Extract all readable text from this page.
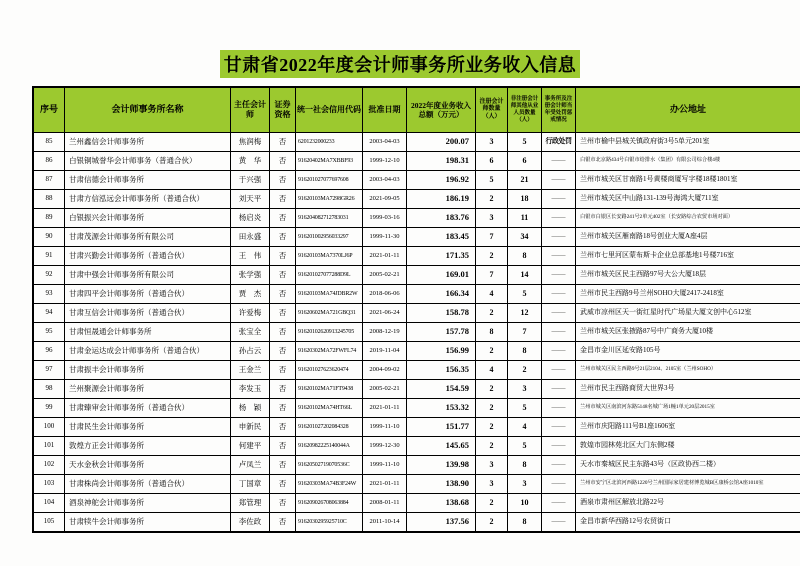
甘肃省2022年度会计师事务所业务收入信息
序号	会计师事务所名称	主任会计师	证券资格	统一社会信用代码	批准日期	2022年度业务收入总额（万元）	注册会计师数量（人）	非注册会计师其他从业人员数量（人）	事务所及注册会计师当年受处罚惩戒情况	办公地址
85	兰州鑫信会计师事务所	焦润梅	否	6201232000233	2003-04-03	200.07	3	5	行政处罚	兰州市榆中县城关镇政府街3号5单元201室
86	白银铜城誉华会计师事务（普通合伙）	黄　华	否	91620402MA7XBBF93	1999-12-10	198.31	6	6	——	白银市北京路434号白银市给排水（集团）有限公司综合楼4楼
87	甘肃信德会计师事务所	于兴强	否	916201027077697608	2003-04-03	196.92	5	21	——	兰州市城关区甘南路1号黄楼商厦写字楼18楼1801室
88	甘肃方信泓远会计师事务所（普通合伙）	刘天平	否	91620103MA7298GR26	2021-09-05	186.19	2	18	——	兰州市城关区中山路131-139号海鸿大厦711室
89	白银振兴会计师事务所	杨启炎	否	916204082712783031	1999-03-16	183.76	3	11	——	白银市白银区长安路241号2单元402室（长安路综合农贸市场对面）
90	甘肃茂源会计师事务所有限公司	田永盛	否	916201002956033297	1999-11-30	183.45	7	34	——	兰州市城关区雁南路18号创业大厦A座4层
91	甘肃兴勤会计师事务所（普通合伙）	王　伟	否	91620103MA7370LJ6P	2021-01-11	171.35	2	8	——	兰州市七里河区蒙布斯卡企业总部基地1号楼716室
92	甘肃中强会计师事务所有限公司	张学强	否	916201027077288D9L	2005-02-21	169.01	7	14	——	兰州市城关区民主西路97号大公大厦18层
93	甘肃四平会计师事务所（普通合伙）	贾　杰	否	91620103MA74JDBR2W	2018-06-06	166.34	4	5	——	兰州市民主西路9号兰州SOHO大厦2417-2418室
94	甘肃互信会计师事务所（普通合伙）	许爱梅	否	91620602MA721GBQ31	2021-06-24	158.78	2	12	——	武威市凉州区天一街红星时代广场星大厦文创中心512室
95	甘肃恒晟通会计师事务所	张宝全	否	91620102620913245705	2008-12-19	157.78	8	7	——	兰州市城关区张掖路87号中广商务大厦10楼
96	甘肃金运达成会计师事务所（普通合伙）	孙占云	否	91620302MA72FWFL74	2019-11-04	156.99	2	8	——	金昌市金川区延安路105号
97	甘肃振丰会计师事务所	王金兰	否	916201027623620474	2004-09-02	156.35	4	2	——	兰州市城关区民主西路9号21层2104、2105室（兰州SOHO）
98	兰州聚源会计师事务所	李发玉	否	91620102MA71FT9438	2005-02-21	154.59	2	3	——	兰州市民主西路商贸大世界3号
99	甘肃臻审会计师事务所（普通合伙）	杨　颖	否	91620102MA74HT66L	2021-01-11	153.32	2	5	——	兰州市城关区南滨河东路5148名城广场1幢1单元20层2015室
100	甘肃民生会计师事务所	申新民	否	916201027202084328	1999-11-10	151.77	2	4	——	兰州市庆阳路111号B1座1606室
101	敦煌方正会计师事务所	何建平	否	91620982225140044A	1999-12-30	145.65	2	5	——	敦煌市园林苑北区大门东侧2楼
102	天水金秋会计师事务所	卢凤兰	否	91620502719070536C	1999-11-10	139.98	3	8	——	天水市秦城区民主东路43号（区政协西二楼）
103	甘肃株尚会计师事务所（普通合伙）	丁国章	否	91620303MA74B3F24W	2021-01-11	138.90	3	3	——	兰州市安宁区北滨河西路1220号兰州国际家居建材博览城B区康桥公馆A座1010室
104	酒泉神舵会计师事务所	郑管理	否	916209026708063884	2008-01-11	138.68	2	10	——	酒泉市肃州区解放北路22号
105	甘肃犊牛会计师事务所	李佐政	否	9162030295925710C	2011-10-14	137.56	2	8	——	金昌市新华西路12号农贸街口
